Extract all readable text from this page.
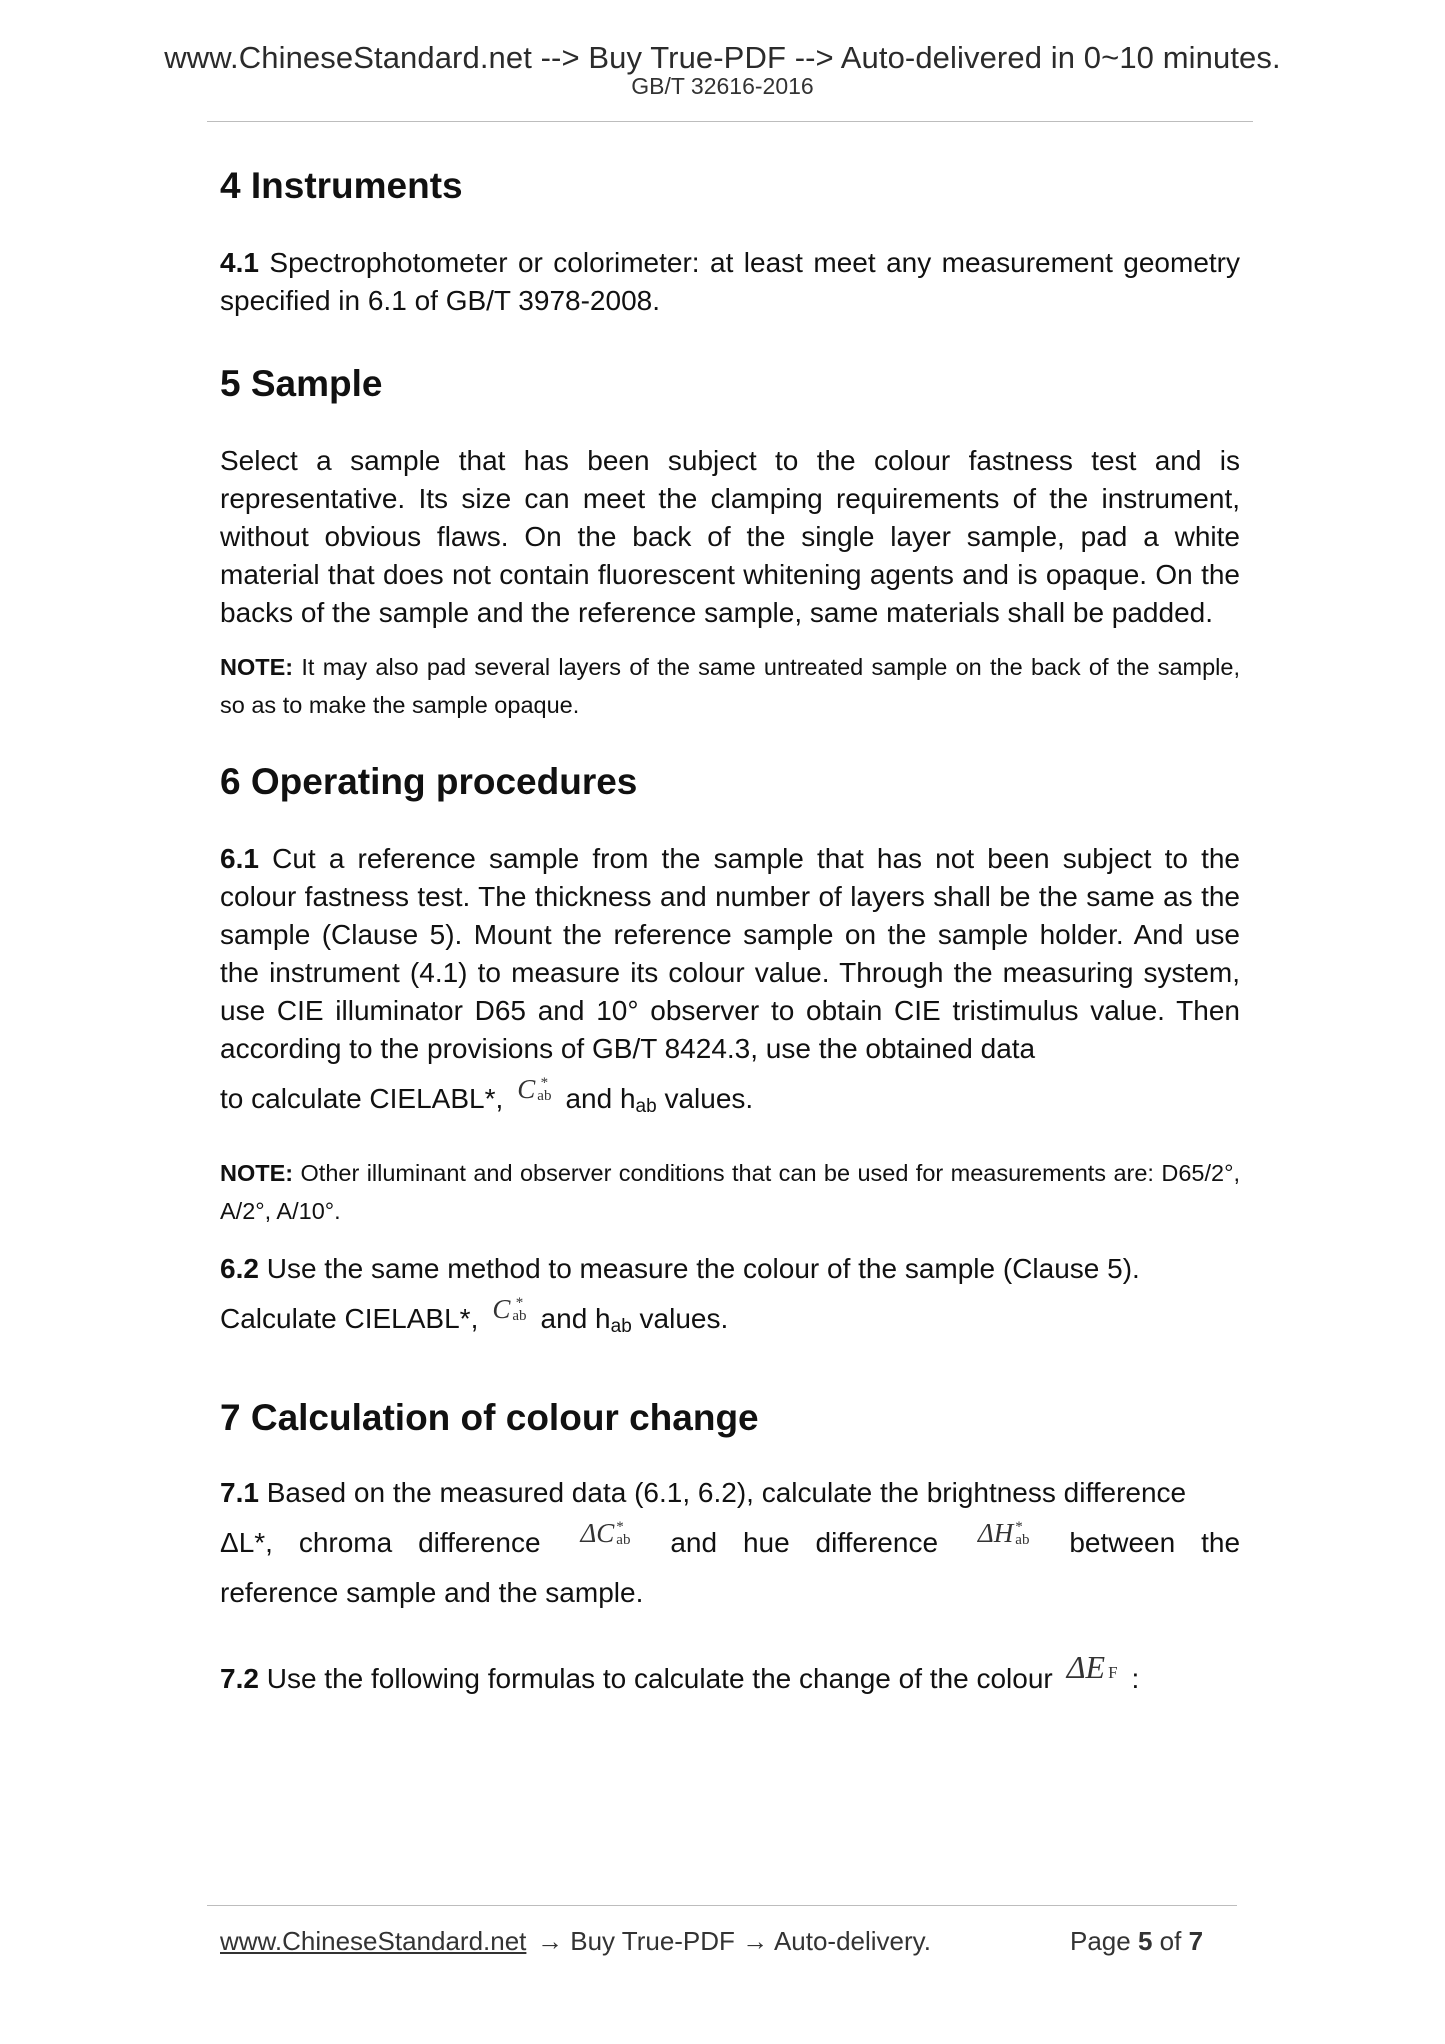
www.ChineseStandard.net --> Buy True-PDF --> Auto-delivered in 0~10 minutes.
GB/T 32616-2016
4 Instruments

4.1 Spectrophotometer or colorimeter: at least meet any measurement geometry specified in 6.1 of GB/T 3978-2008.

5 Sample

Select a sample that has been subject to the colour fastness test and is representative. Its size can meet the clamping requirements of the instrument, without obvious flaws. On the back of the single layer sample, pad a white material that does not contain fluorescent whitening agents and is opaque. On the backs of the sample and the reference sample, same materials shall be padded.

NOTE: It may also pad several layers of the same untreated sample on the back of the sample, so as to make the sample opaque.

6 Operating procedures

6.1 Cut a reference sample from the sample that has not been subject to the colour fastness test. The thickness and number of layers shall be the same as the sample (Clause 5). Mount the reference sample on the sample holder. And use the instrument (4.1) to measure its colour value. Through the measuring system, use CIE illuminator D65 and 10° observer to obtain CIE tristimulus value. Then according to the provisions of GB/T 8424.3, use the obtained data

to calculate CIELABL*, C *
ab and $h_{ab}$ values.

NOTE: Other illuminant and observer conditions that can be used for measurements are: D65/2°, A/2°, A/10°.

6.2 Use the same method to measure the colour of the sample (Clause 5).

Calculate CIELABL*, C *
ab and $h_{ab}$ values.

7 Calculation of colour change

7.1 Based on the measured data (6.1, 6.2), calculate the brightness difference

ΔL*, chroma difference ΔC *
ab and hue difference ΔH *
ab between the

reference sample and the sample.

7.2 Use the following formulas to calculate the change of the colour ΔE F :

www.ChineseStandard.net → Buy True-PDF → Auto-delivery.	Page 5 of 7
